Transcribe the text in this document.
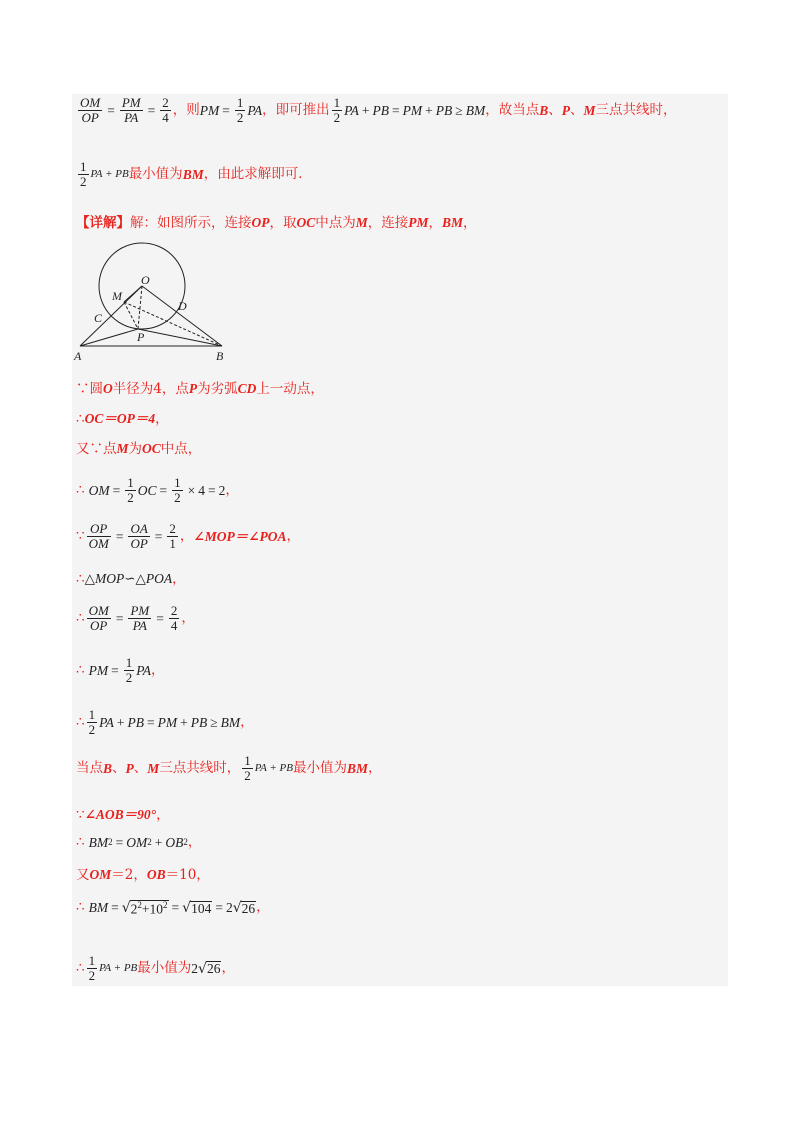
$\frac{OM}{OP} = \frac{PM}{PA} = \frac{2}{4}$ ，则 PM = $\frac{1}{2}$ PA ，即可推出 $\frac{1}{2}$ PA + PB = PM + PB ≥ BM ，故当点 B 、 P 、 M 三点共线时，
$\frac{1}{2}$ PA + PB 最小值为 BM ，由此求解即可．
【详解】解：如图所示，连接OP，取OC中点为M，连接PM，BM，
O
M
C
D
P
A	B
∵圆O半径为4，点P为劣弧CD上一动点，
∴OC＝OP＝4，
又∵点M为OC中点，
∴ OM = $\frac{1}{2}$ OC = $\frac{1}{2} \times 4 = 2$ ，
∵ $\frac{OP}{OM} = \frac{OA}{OP} = \frac{2}{1}$ ， ∠MOP＝∠POA ，
∴△MOP∽△POA，
∴ $\frac{OM}{OP} = \frac{PM}{PA} = \frac{2}{4}$ ，
∴ PM = $\frac{1}{2}$ PA ，
∴ $\frac{1}{2}$ PA + PB = PM + PB ≥ BM ，
当点 B 、 P 、 M 三点共线时， $\frac{1}{2}$ PA + PB 最小值为 BM ，
∵∠AOB＝90°，
∴ BM 2 = OM 2 + OB 2 ，
又OM＝2，OB＝10，
∴ BM = √ $2^2+10^2$ = √ 104 = 2 √ 26 ，
∴ $\frac{1}{2}$ PA + PB 最小值为 2 √ 26 ，
